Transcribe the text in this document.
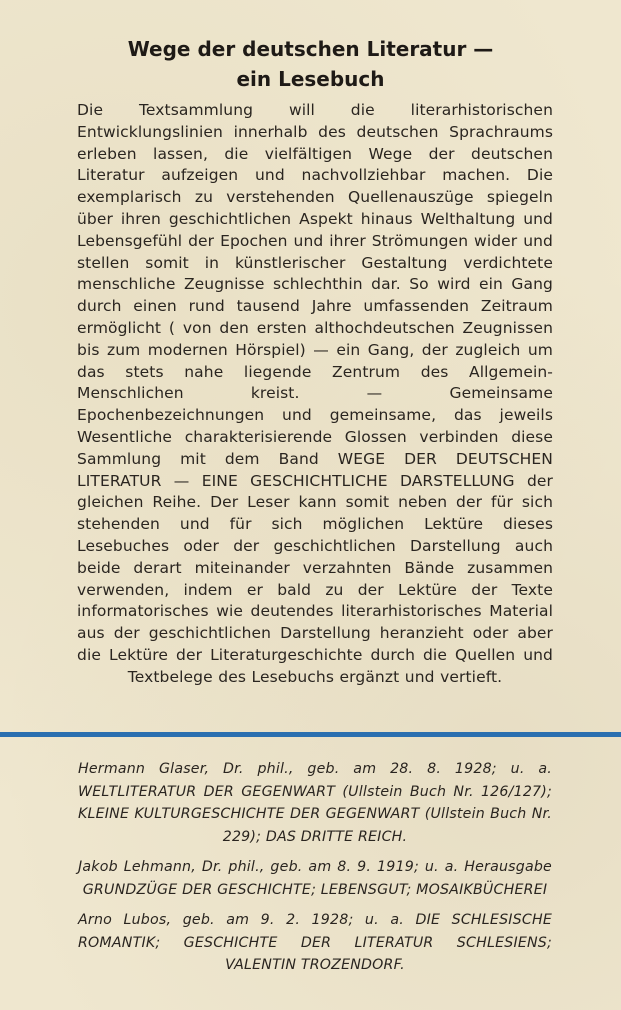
Wege der deutschen Literatur —
ein Lesebuch

Die Textsammlung will die literarhistorischen Entwicklungslinien innerhalb des deutschen Sprachraums erleben lassen, die vielfältigen Wege der deutschen Literatur aufzeigen und nachvollziehbar machen. Die exemplarisch zu verstehenden Quellenauszüge spiegeln über ihren geschichtlichen Aspekt hinaus Welthaltung und Lebensgefühl der Epochen und ihrer Strömungen wider und stellen somit in künstlerischer Gestaltung verdichtete menschliche Zeugnisse schlechthin dar. So wird ein Gang durch einen rund tausend Jahre umfassenden Zeitraum ermöglicht ( von den ersten althochdeutschen Zeugnissen bis zum modernen Hörspiel) — ein Gang, der zugleich um das stets nahe liegende Zentrum des Allgemein-Menschlichen kreist. — Gemeinsame Epochenbezeichnungen und gemeinsame, das jeweils Wesentliche charakterisierende Glossen verbinden diese Sammlung mit dem Band WEGE DER DEUTSCHEN LITERATUR — EINE GESCHICHTLICHE DARSTELLUNG der gleichen Reihe. Der Leser kann somit neben der für sich stehenden und für sich möglichen Lektüre dieses Lesebuches oder der geschichtlichen Darstellung auch beide derart miteinander verzahnten Bände zusammen verwenden, indem er bald zu der Lektüre der Texte informatorisches wie deutendes literarhistorisches Material aus der geschichtlichen Darstellung heranzieht oder aber die Lektüre der Literaturgeschichte durch die Quellen und Textbelege des Lesebuchs ergänzt und vertieft.

Hermann Glaser, Dr. phil., geb. am 28. 8. 1928; u. a. WELTLITERATUR DER GEGENWART (Ullstein Buch Nr. 126/127); KLEINE KULTURGESCHICHTE DER GEGENWART (Ullstein Buch Nr. 229); DAS DRITTE REICH.

Jakob Lehmann, Dr. phil., geb. am 8. 9. 1919; u. a. Herausgabe GRUNDZÜGE DER GESCHICHTE; LEBENSGUT; MOSAIKBÜCHEREI

Arno Lubos, geb. am 9. 2. 1928; u. a. DIE SCHLESISCHE ROMANTIK; GESCHICHTE DER LITERATUR SCHLESIENS; VALENTIN TROZENDORF.
